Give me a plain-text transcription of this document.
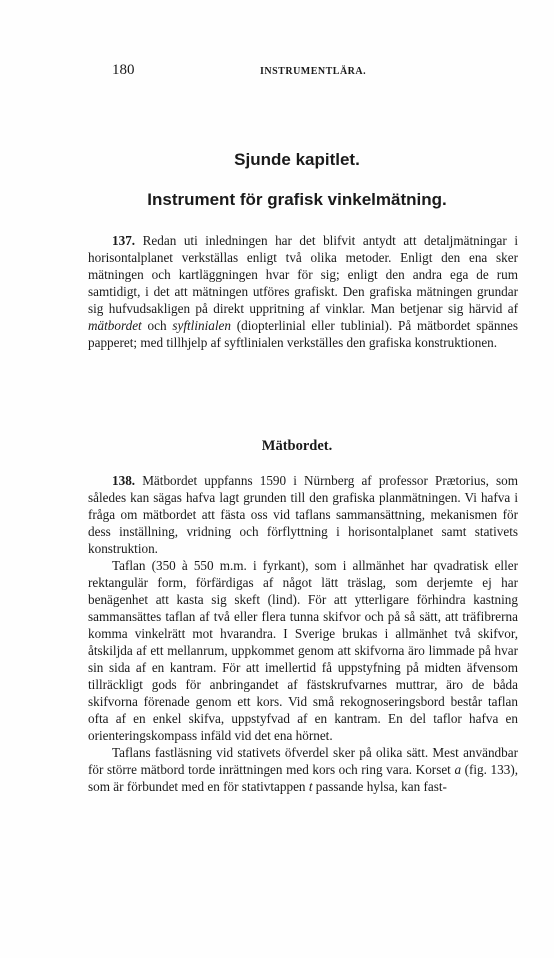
180	INSTRUMENTLÄRA.
Sjunde kapitlet.
Instrument för grafisk vinkelmätning.

137. Redan uti inledningen har det blifvit antydt att detaljmätningar i horisontalplanet verkställas enligt två olika metoder. Enligt den ena sker mätningen och kartläggningen hvar för sig; enligt den andra ega de rum samtidigt, i det att mätningen utföres grafiskt. Den grafiska mätningen grundar sig hufvudsakligen på direkt uppritning af vinklar. Man betjenar sig härvid af mätbordet och syftlinialen (diopterlinial eller tublinial). På mätbordet spännes papperet; med tillhjelp af syftlinialen verkställes den grafiska konstruktionen.

Mätbordet.

138. Mätbordet uppfanns 1590 i Nürnberg af professor Prætorius, som således kan sägas hafva lagt grunden till den grafiska planmätningen. Vi hafva i fråga om mätbordet att fästa oss vid taflans sammansättning, mekanismen för dess inställning, vridning och förflyttning i horisontalplanet samt stativets konstruktion.

Taflan (350 à 550 m.m. i fyrkant), som i allmänhet har qvadratisk eller rektangulär form, förfärdigas af något lätt träslag, som derjemte ej har benägenhet att kasta sig skeft (lind). För att ytterligare förhindra kastning sammansättes taflan af två eller flera tunna skifvor och på så sätt, att träfibrerna komma vinkelrätt mot hvarandra. I Sverige brukas i allmänhet två skifvor, åtskiljda af ett mellanrum, uppkommet genom att skifvorna äro limmade på hvar sin sida af en kantram. För att imellertid få uppstyfning på midten äfvensom tillräckligt gods för anbringandet af fästskrufvarnes muttrar, äro de båda skifvorna förenade genom ett kors. Vid små rekognoseringsbord består taflan ofta af en enkel skifva, uppstyfvad af en kantram. En del taflor hafva en orienteringskompass infäld vid det ena hörnet.

Taflans fastläsning vid stativets öfverdel sker på olika sätt. Mest användbar för större mätbord torde inrättningen med kors och ring vara. Korset a (fig. 133), som är förbundet med en för stativtappen t passande hylsa, kan fast-
